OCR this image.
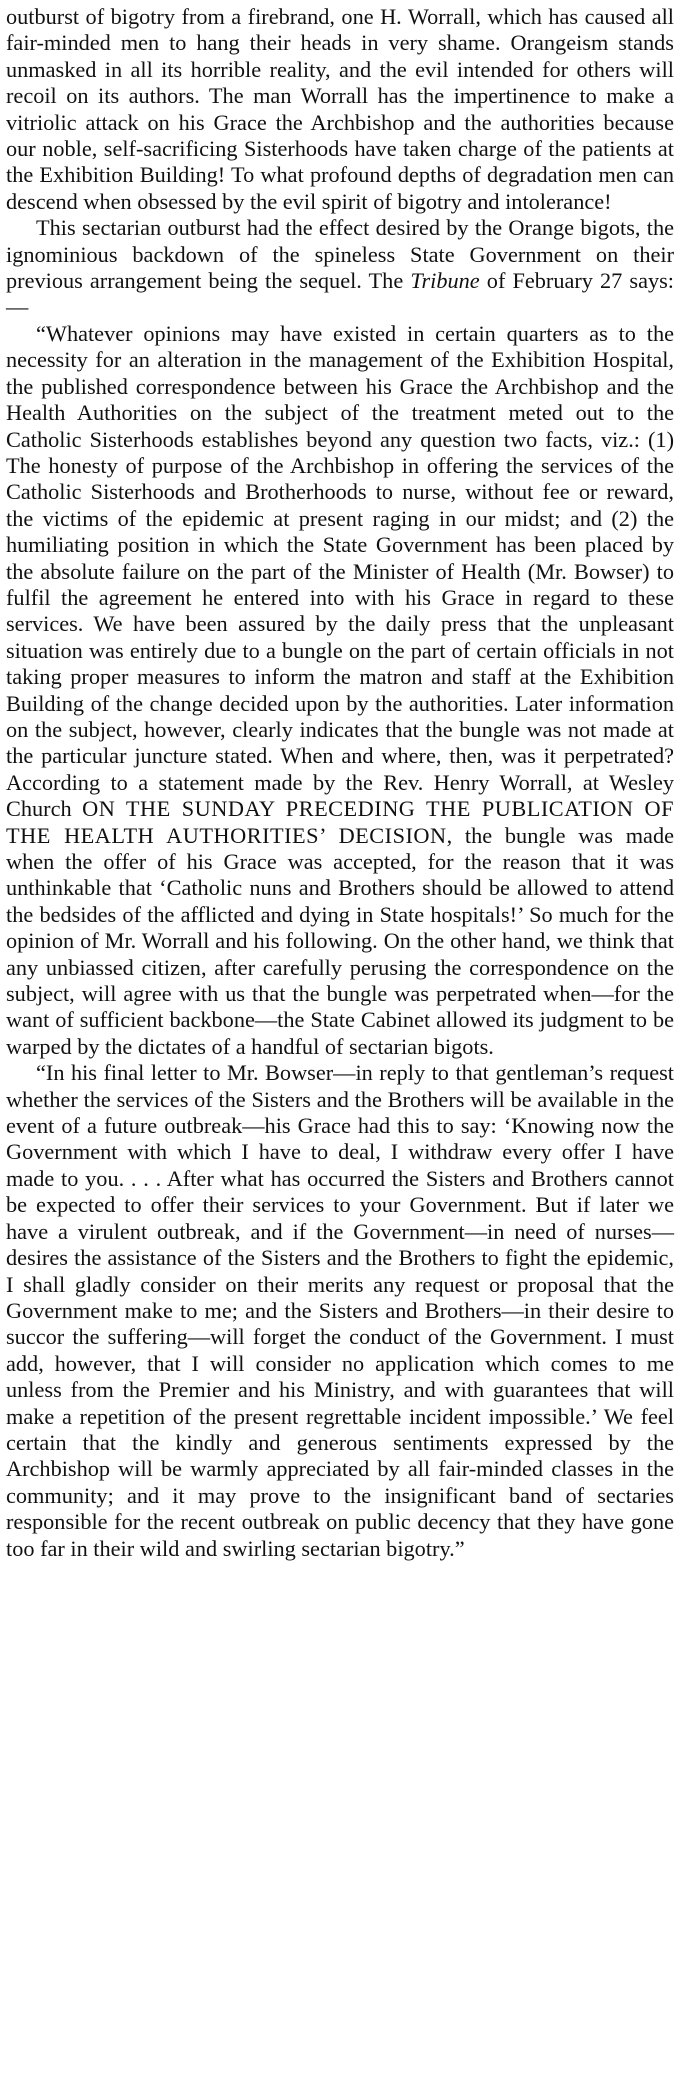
outburst of bigotry from a firebrand, one H. Worrall, which has caused all fair-minded men to hang their heads in very shame. Orangeism stands unmasked in all its horrible reality, and the evil intended for others will recoil on its authors. The man Worrall has the impertinence to make a vitriolic attack on his Grace the Archbishop and the authorities because our noble, self-sacrificing Sisterhoods have taken charge of the patients at the Exhibition Building! To what profound depths of degradation men can descend when obsessed by the evil spirit of bigotry and intolerance!

This sectarian outburst had the effect desired by the Orange bigots, the ignominious backdown of the spineless State Government on their previous arrangement being the sequel. The Tribune of February 27 says:—

“Whatever opinions may have existed in certain quarters as to the necessity for an alteration in the management of the Exhibition Hospital, the published correspondence between his Grace the Archbishop and the Health Authorities on the subject of the treatment meted out to the Catholic Sisterhoods establishes beyond any question two facts, viz.: (1) The honesty of purpose of the Archbishop in offering the services of the Catholic Sisterhoods and Brotherhoods to nurse, without fee or reward, the victims of the epidemic at present raging in our midst; and (2) the humiliating position in which the State Government has been placed by the absolute failure on the part of the Minister of Health (Mr. Bowser) to fulfil the agreement he entered into with his Grace in regard to these services. We have been assured by the daily press that the unpleasant situation was entirely due to a bungle on the part of certain officials in not taking proper measures to inform the matron and staff at the Exhibition Building of the change decided upon by the authorities. Later information on the subject, however, clearly indicates that the bungle was not made at the particular juncture stated. When and where, then, was it perpetrated? According to a statement made by the Rev. Henry Worrall, at Wesley Church ON THE SUNDAY PRECEDING THE PUBLICATION OF THE HEALTH AUTHORITIES’ DECISION, the bungle was made when the offer of his Grace was accepted, for the reason that it was unthinkable that ‘Catholic nuns and Brothers should be allowed to attend the bedsides of the afflicted and dying in State hospitals!’ So much for the opinion of Mr. Worrall and his following. On the other hand, we think that any unbiassed citizen, after carefully perusing the correspondence on the subject, will agree with us that the bungle was perpetrated when—for the want of sufficient backbone—the State Cabinet allowed its judgment to be warped by the dictates of a handful of sectarian bigots.

“In his final letter to Mr. Bowser—in reply to that gentleman’s request whether the services of the Sisters and the Brothers will be available in the event of a future outbreak—his Grace had this to say: ‘Knowing now the Government with which I have to deal, I withdraw every offer I have made to you. . . . After what has occurred the Sisters and Brothers cannot be expected to offer their services to your Government. But if later we have a virulent outbreak, and if the Government—in need of nurses—desires the assistance of the Sisters and the Brothers to fight the epidemic, I shall gladly consider on their merits any request or proposal that the Government make to me; and the Sisters and Brothers—in their desire to succor the suffering—will forget the conduct of the Government. I must add, however, that I will consider no application which comes to me unless from the Premier and his Ministry, and with guarantees that will make a repetition of the present regrettable incident impossible.’ We feel certain that the kindly and generous sentiments expressed by the Archbishop will be warmly appreciated by all fair-minded classes in the community; and it may prove to the insignificant band of sectaries responsible for the recent outbreak on public decency that they have gone too far in their wild and swirling sectarian bigotry.”
